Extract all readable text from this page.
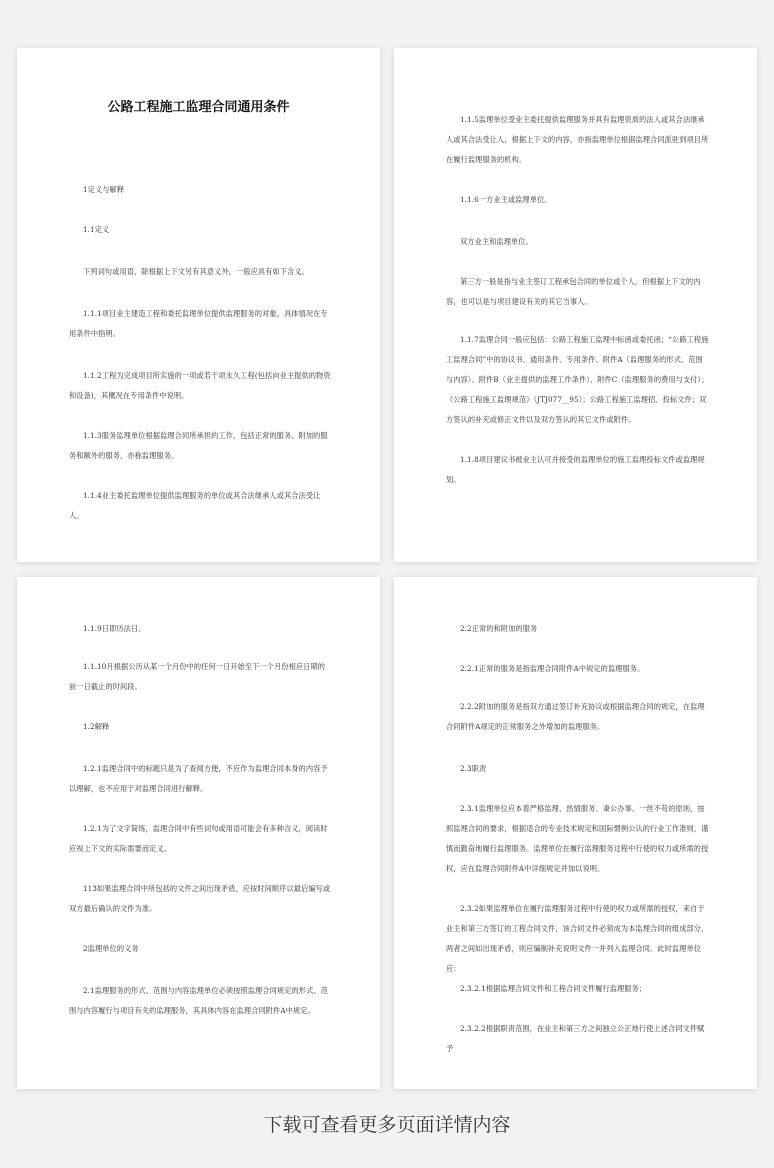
公路工程施工监理合同通用条件
1定义与解释
1.1定义
下列词句或用语，除根据上下文另有其意义外，一般应具有如下含义。
1.1.1项目业主建造工程和委托监理单位提供监理服务的对象，具体情况在专用条件中指明。
1.1.2工程为完成项目所实施的一项或若干项永久工程(包括向业主提供的物资和设备)，其概况在专用条件中说明。
1.1.3服务监理单位根据监理合同所承担的工作，包括正常的服务、附加的服务和额外的服务，亦称监理服务。
1.1.4业主委托监理单位提供监理服务的单位或其合法继承人或其合法受让人。
1.1.5监理单位受业主委托提供监理服务并具有监理资质的法人或其合法继承人或其合法受让人，根据上下文的内容，亦指监理单位根据监理合同派驻到项目所在履行监理服务的机构。
1.1.6一方业主或监理单位。
双方业主和监理单位。
第三方一般是指与业主签订工程承包合同的单位或个人，但根据上下文的内容，也可以是与项目建设有关的其它当事人。
1.1.7监理合同一般应包括：公路工程施工监理中标函或委托函；“公路工程施工监理合同”中的协议书、通用条件、专用条件、附件A（监理服务的形式、范围与内容）、附件B（业主提供的监理工作条件）、附件C（监理服务的费用与支付）；《公路工程施工监理规范》（JTJ077__95）；公路工程施工监理招、投标文件；双方签认的补充或修正文件以及双方签认的其它文件或附件。
1.1.8项目建议书被业主认可并接受的监理单位的施工监理投标文件或监理规划。
1.1.9日即历法日。
1.1.10月根据公历从某一个月份中的任何一日开始至下一个月份相应日期的前一日截止的时间段。
1.2解释
1.2.1监理合同中的标题只是为了查阅方便，不应作为监理合同本身的内容予以理解，也不应用于对监理合同进行解释。
1.2.1为了文字简练，监理合同中有些词句或用语可能会有多种含义，阅读时应视上下文的实际需要而定义。
113如果监理合同中所包括的文件之间出现矛盾，应按时间顺序以最后编写或双方最后确认的文件为准。
2监理单位的义务
2.1监理服务的形式、范围与内容监理单位必须按照监理合同规定的形式、范围与内容履行与项目有关的监理服务，其具体内容在监理合同附件A中规定。
2.2正常的和附加的服务
2.2.1正常的服务是指监理合同附件A中规定的监理服务。
2.2.2附加的服务是指双方通过签订补充协议或根据监理合同的规定，在监理合同附件A规定的正常服务之外增加的监理服务。
2.3职责
2.3.1监理单位应本着严格监理、热情服务、秉公办事、一丝不苟的原则，按照监理合同的要求，根据适合的专业技术规定和国际惯例公认的行业工作准则，谨慎而勤奋地履行监理服务。监理单位在履行监理服务过程中行使的权力或所需的授权，应在监理合同附件A中详细规定并加以说明。
2.3.2如果监理单位在履行监理服务过程中行使的权力或所需的授权，来自于业主和第三方签订的工程合同文件，该合同文件必须成为本监理合同的组成部分，两者之间如出现矛盾，则应编制补充说明文件一并列入监理合同。此时监理单位应：
2.3.2.1根据监理合同文件和工程合同文件履行监理服务；
2.3.2.2根据职责范围，在业主和第三方之间独立公正地行使上述合同文件赋予
下载可查看更多页面详情内容
